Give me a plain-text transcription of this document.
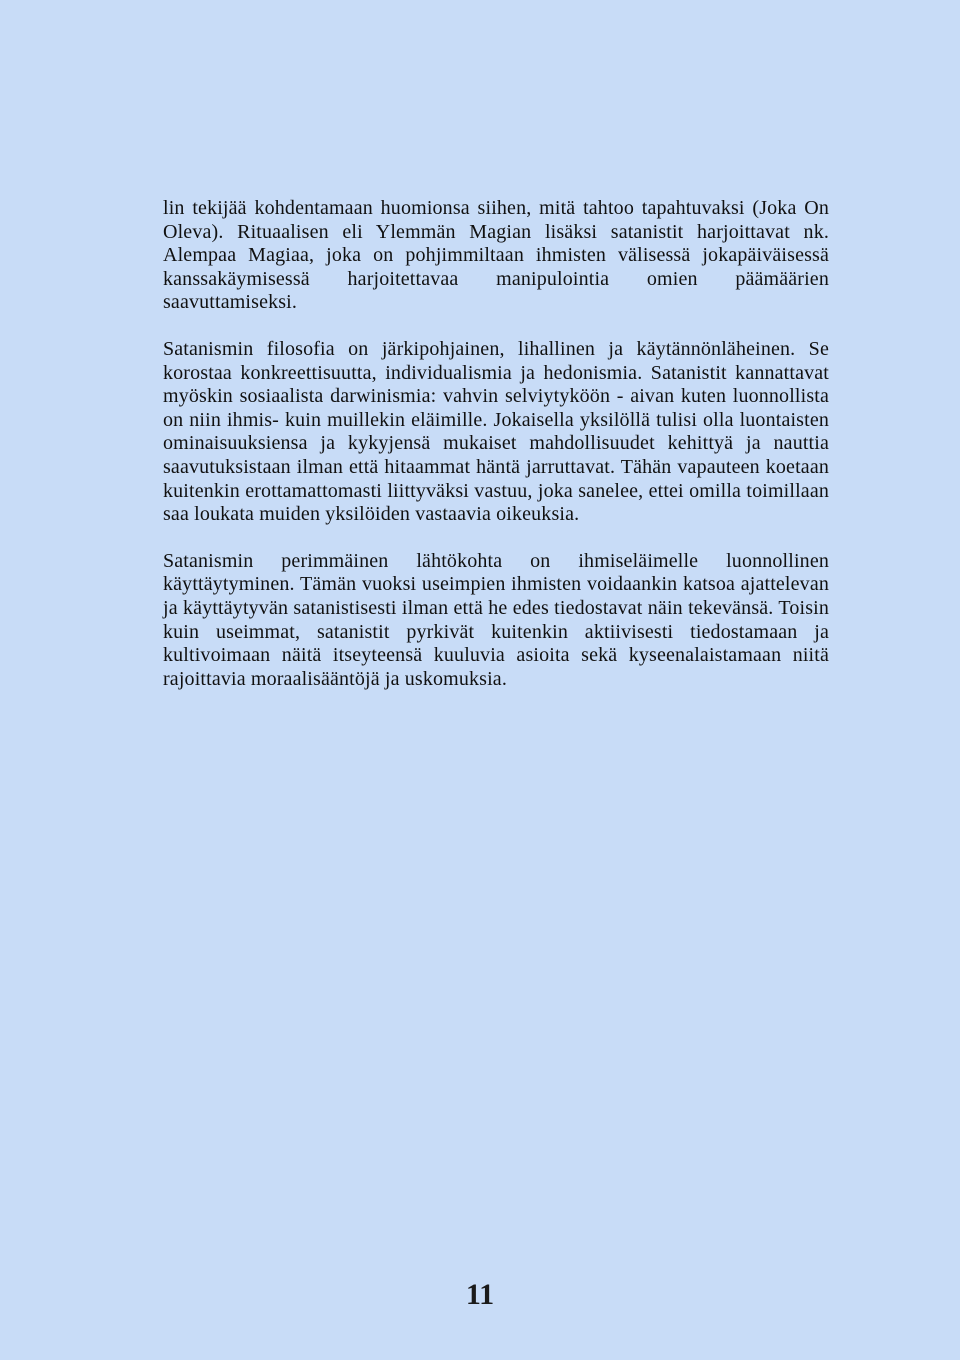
lin tekijää kohdentamaan huomionsa siihen, mitä tahtoo tapahtuvaksi (Joka On Oleva). Rituaalisen eli Ylemmän Magian lisäksi satanistit harjoittavat nk. Alempaa Magiaa, joka on pohjimmiltaan ihmisten välisessä jokapäiväisessä kanssakäymisessä harjoitettavaa manipulointia omien päämäärien saavuttamiseksi.

Satanismin filosofia on järkipohjainen, lihallinen ja käytännönläheinen. Se korostaa konkreettisuutta, individualismia ja hedonismia. Satanistit kannattavat myöskin sosiaalista darwinismia: vahvin selviytyköön - aivan kuten luonnollista on niin ihmis- kuin muillekin eläimille. Jokaisella yksilöllä tulisi olla luontaisten ominaisuuksiensa ja kykyjensä mukaiset mahdollisuudet kehittyä ja nauttia saavutuksistaan ilman että hitaammat häntä jarruttavat. Tähän vapauteen koetaan kuitenkin erottamattomasti liittyväksi vastuu, joka sanelee, ettei omilla toimillaan saa loukata muiden yksilöiden vastaavia oikeuksia.

Satanismin perimmäinen lähtökohta on ihmiseläimelle luonnollinen käyttäytyminen. Tämän vuoksi useimpien ihmisten voidaankin katsoa ajattelevan ja käyttäytyvän satanistisesti ilman että he edes tiedostavat näin tekevänsä. Toisin kuin useimmat, satanistit pyrkivät kuitenkin aktiivisesti tiedostamaan ja kultivoimaan näitä itseyteensä kuuluvia asioita sekä kyseenalaistamaan niitä rajoittavia moraalisääntöjä ja uskomuksia.

11
